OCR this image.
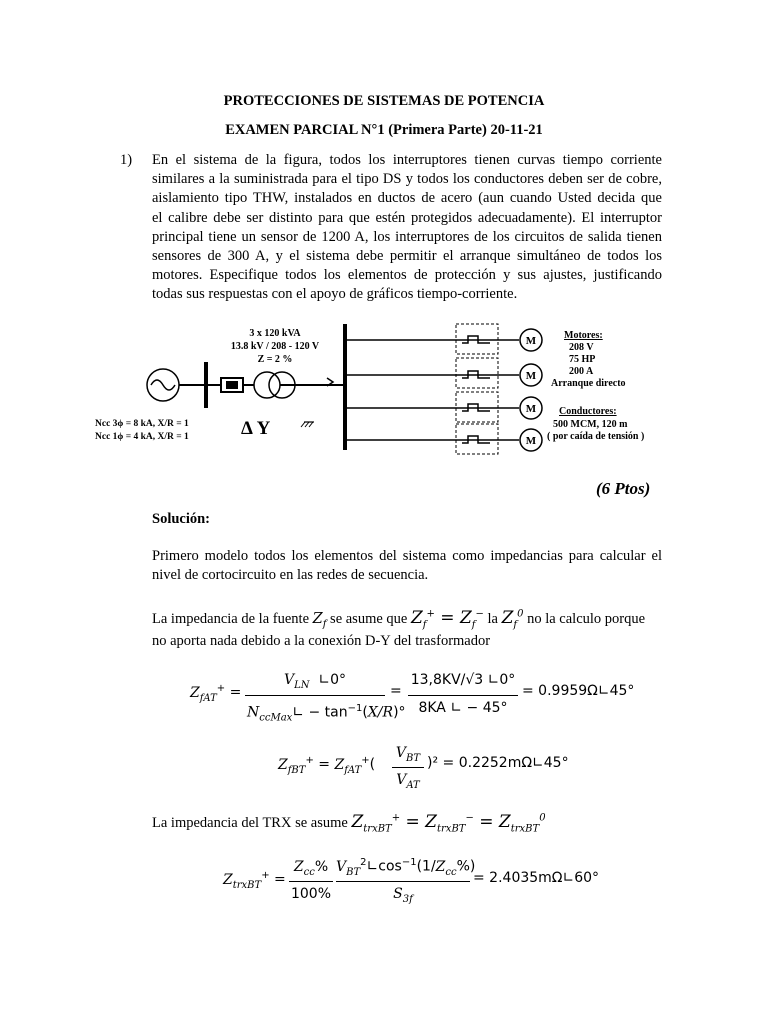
PROTECCIONES DE SISTEMAS DE POTENCIA
EXAMEN PARCIAL N°1 (Primera Parte) 20-11-21
1) En el sistema de la figura, todos los interruptores tienen curvas tiempo corriente
similares a la suministrada para el tipo DS y todos los conductores deben ser de cobre,
aislamiento tipo THW, instalados en ductos de acero (aun cuando Usted decida que
el calibre debe ser distinto para que estén protegidos adecuadamente). El interruptor
principal tiene un sensor de 1200 A, los interruptores de los circuitos de salida tienen
sensores de 300 A, y el sistema debe permitir el arranque simultáneo de todos los
motores. Especifique todos los elementos de protección y sus ajustes, justificando
todas sus respuestas con el apoyo de gráficos tiempo-corriente.
3 x 120 kVA
13.8 kV / 208 - 120 V
Z = 2 %
Δ Y
M
M
M
M
Motores:
208 V
75 HP
200 A
Arranque directo
Conductores:
500 MCM, 120 m
( por caída de tensión )
Ncc 3ϕ = 8 kA, X/R = 1
Ncc 1ϕ = 4 kA, X/R = 1
(6 Ptos)
Solución:
Primero modelo todos los elementos del sistema como impedancias para calcular el
nivel de cortocircuito en las redes de secuencia.
La impedancia de la fuente $Z_f$ se asume que $Z_f^+ = Z_f^-$ la $Z_f^0$ no la calculo porque
no aporta nada debido a la conexión D-Y del trasformador
$Z_{fAT}^+$ =
$V_{LN}$ ∟0°
$N_{ccMax}∟ - \tan^{-1}(X/R)^\circ$
=
13,8KV/√3 ∟0°
8KA ∟ − 45°
= 0.9959Ω∟45°
$Z_{fBT}^+ = Z_{fAT}^+$(
$V_{BT}$
$V_{AT}$
)² = 0.2252mΩ∟45°
La impedancia del TRX se asume $Z_{trxBT}^+ = Z_{trxBT}^- = Z_{trxBT}^0$
$Z_{trxBT}^+$ =
$Z_{cc}\%$
100%
$V_{BT}^2∟\cos^{-1}(1/Z_{cc}\%)$
$S_{3f}$
= 2.4035mΩ∟60°
